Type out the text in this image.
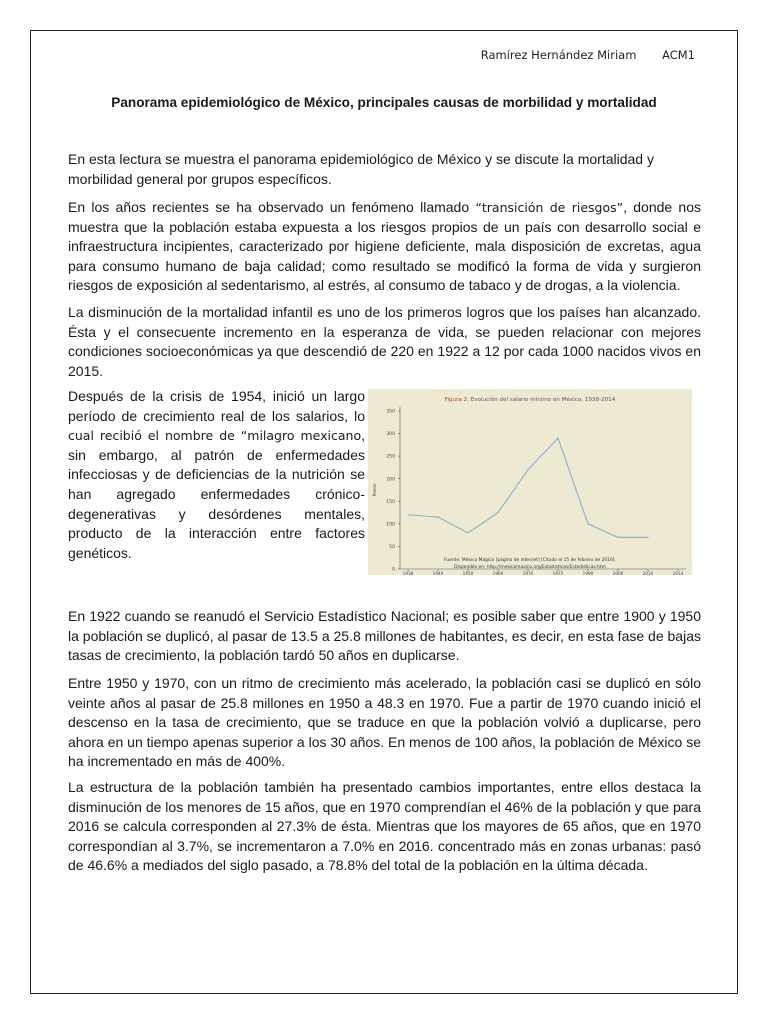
Ramírez Hernández Miriam ACM1
Panorama epidemiológico de México, principales causas de morbilidad y mortalidad

En esta lectura se muestra el panorama epidemiológico de México y se discute la mortalidad y morbilidad general por grupos específicos.

En los años recientes se ha observado un fenómeno llamado “transición de riesgos”, donde nos muestra que la población estaba expuesta a los riesgos propios de un país con desarrollo social e infraestructura incipientes, caracterizado por higiene deficiente, mala disposición de excretas, agua para consumo humano de baja calidad; como resultado se modificó la forma de vida y surgieron riesgos de exposición al sedentarismo, al estrés, al consumo de tabaco y de drogas, a la violencia.

La disminución de la mortalidad infantil es uno de los primeros logros que los países han alcanzado. Ésta y el consecuente incremento en la esperanza de vida, se pueden relacionar con mejores condiciones socioeconómicas ya que descendió de 220 en 1922 a 12 por cada 1000 nacidos vivos en 2015.

Después de la crisis de 1954, inició un largo período de crecimiento real de los salarios, lo cual recibió el nombre de “milagro mexicano, sin embargo, al patrón de enfermedades infecciosas y de deficiencias de la nutrición se han agregado enfermedades crónico-degenerativas y desórdenes mentales, producto de la interacción entre factores genéticos.

Figura 2. Evolución del salario mínimo en México, 1938-2014
0
50
100
150
200
250
300
350
Pesos
1938	1940	1950	1960	1970	1975	1990	2000	2010	2014
Fuente: México Mágico [página de internet] [Citado el 15 de febrero de 2016].
Disponible en: http://mexicomaxico.org/Estadisticas/Estadisticas.htm

En 1922 cuando se reanudó el Servicio Estadístico Nacional; es posible saber que entre 1900 y 1950 la población se duplicó, al pasar de 13.5 a 25.8 millones de habitantes, es decir, en esta fase de bajas tasas de crecimiento, la población tardó 50 años en duplicarse.

Entre 1950 y 1970, con un ritmo de crecimiento más acelerado, la población casi se duplicó en sólo veinte años al pasar de 25.8 millones en 1950 a 48.3 en 1970. Fue a partir de 1970 cuando inició el descenso en la tasa de crecimiento, que se traduce en que la población volvió a duplicarse, pero ahora en un tiempo apenas superior a los 30 años. En menos de 100 años, la población de México se ha incrementado en más de 400%.

La estructura de la población también ha presentado cambios importantes, entre ellos destaca la disminución de los menores de 15 años, que en 1970 comprendían el 46% de la población y que para 2016 se calcula corresponden al 27.3% de ésta. Mientras que los mayores de 65 años, que en 1970 correspondían al 3.7%, se incrementaron a 7.0% en 2016. concentrado más en zonas urbanas: pasó de 46.6% a mediados del siglo pasado, a 78.8% del total de la población en la última década.
